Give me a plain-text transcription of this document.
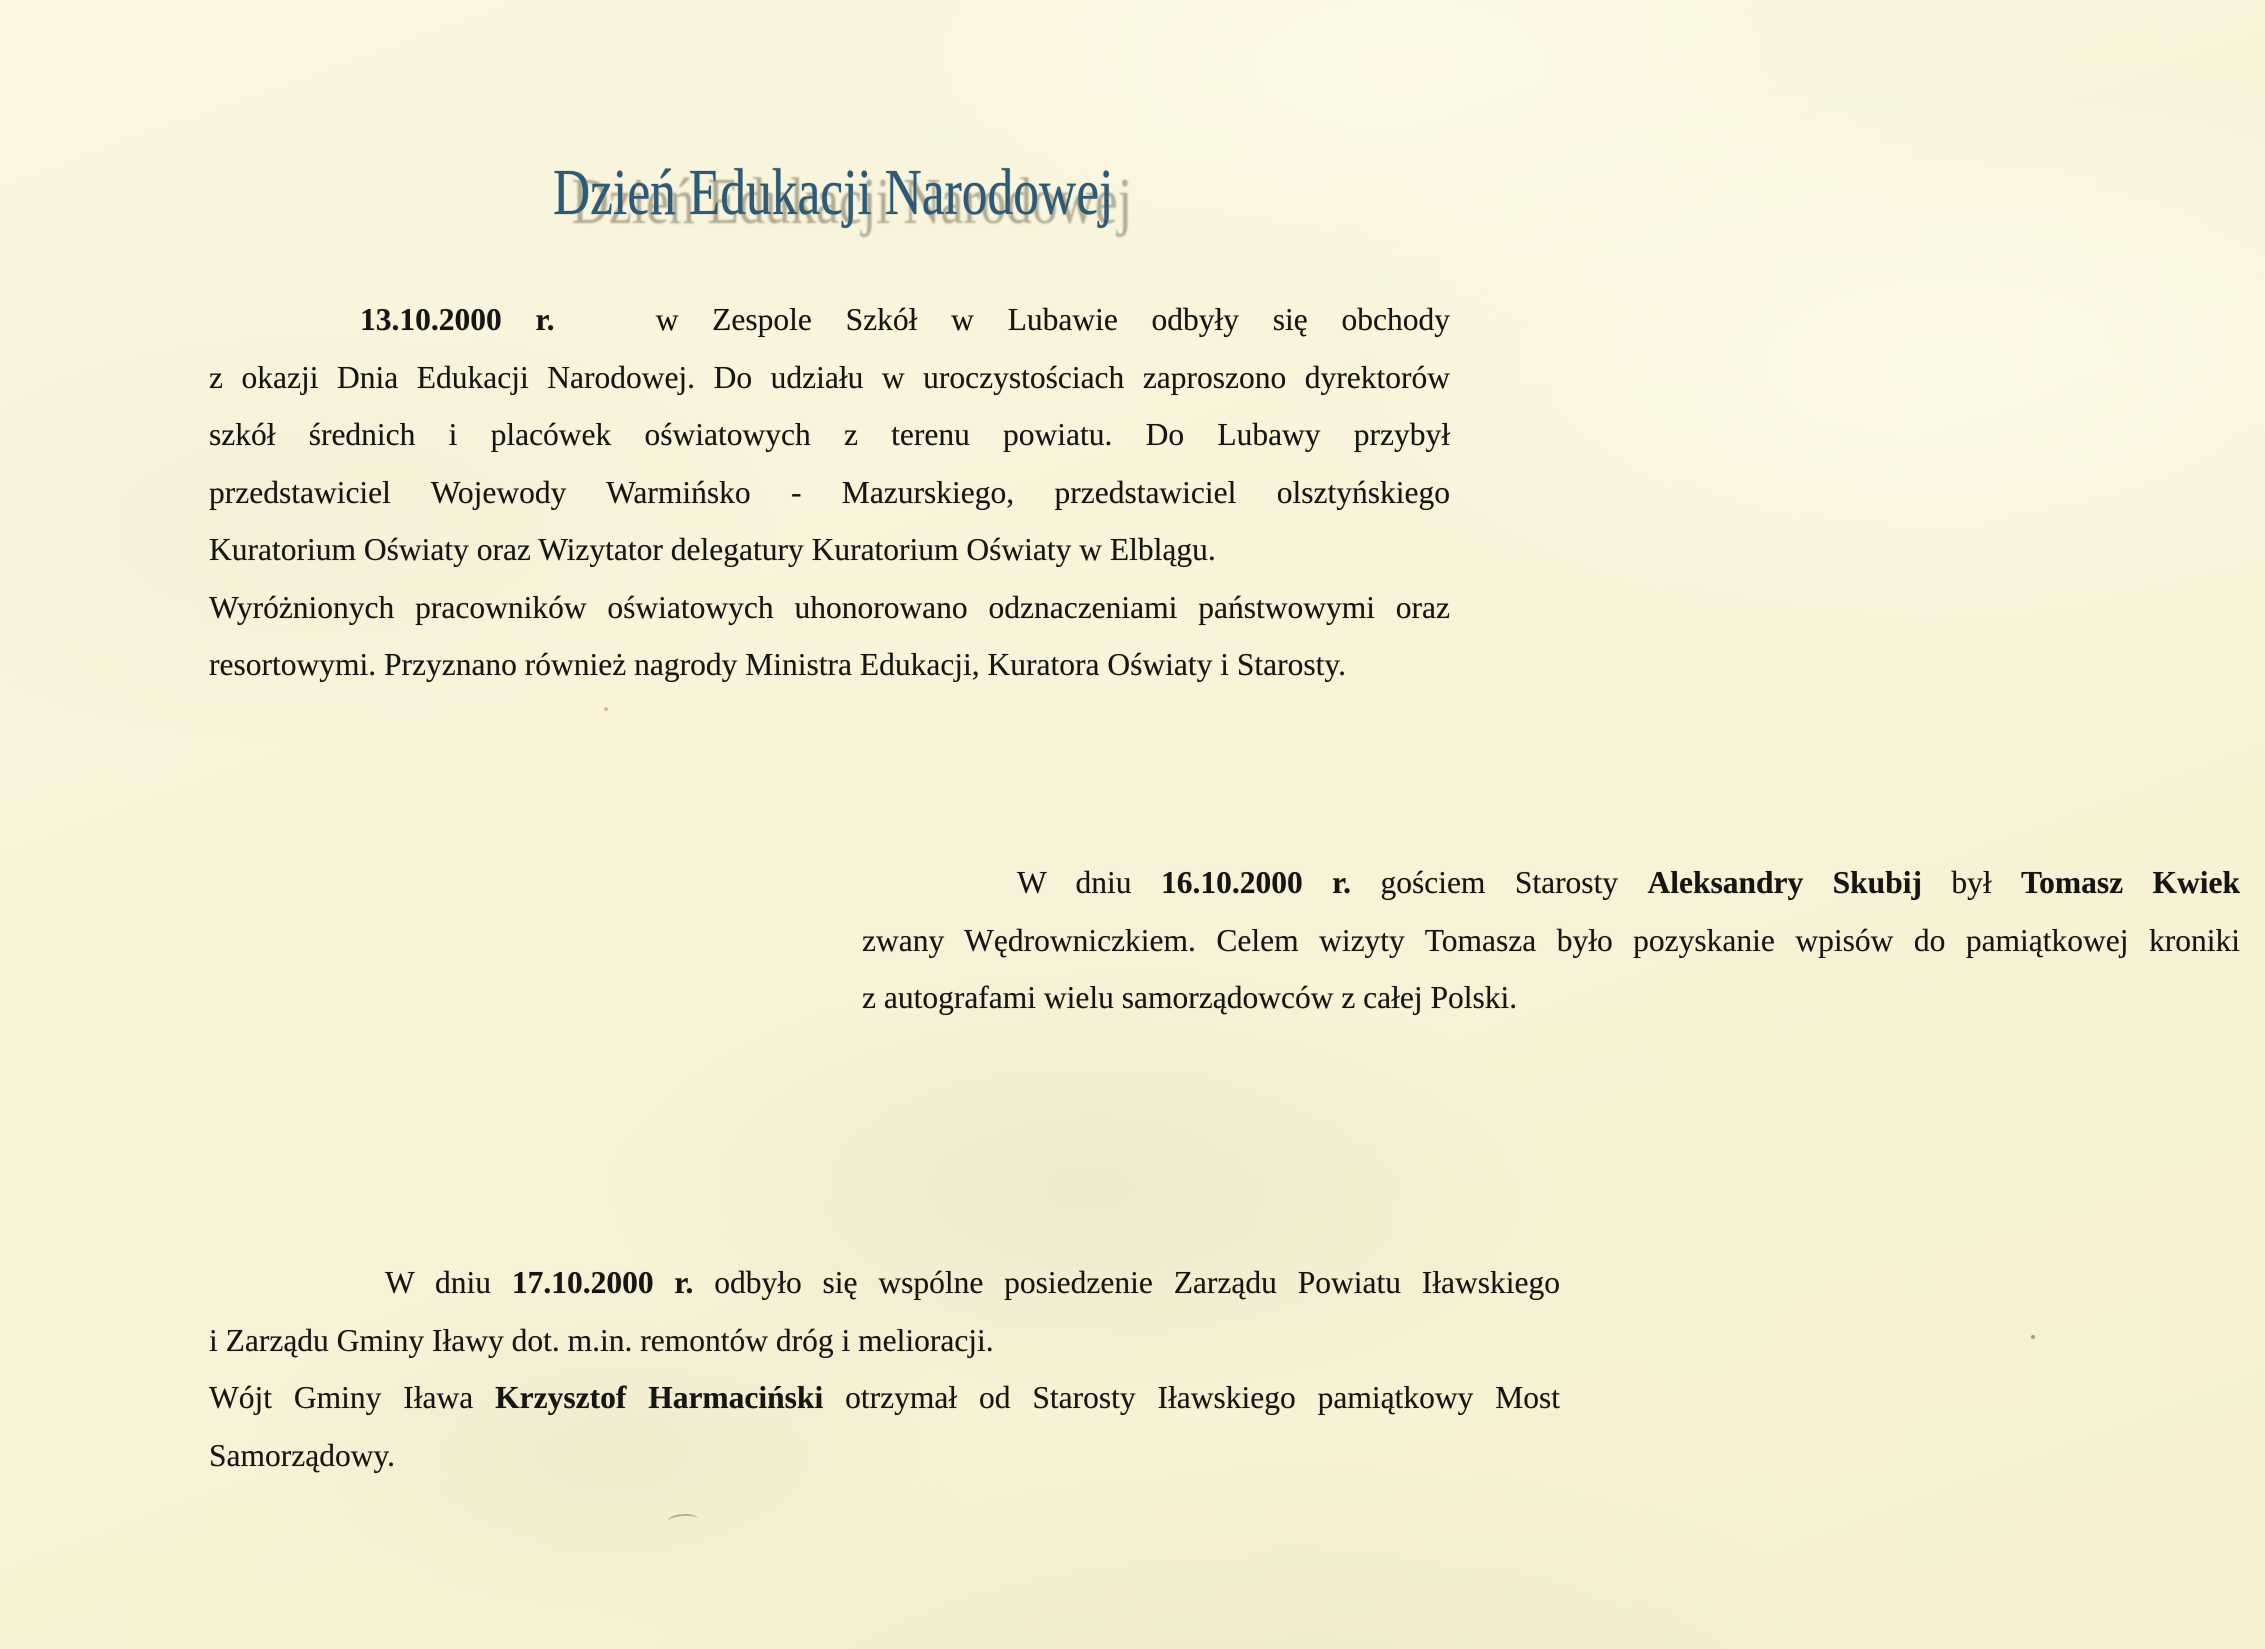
Dzień Edukacji Narodowej
13.10.2000 r.   w Zespole Szkół w Lubawie odbyły się obchody
z okazji Dnia Edukacji Narodowej. Do udziału w uroczystościach zaproszono dyrektorów
szkół średnich i placówek oświatowych z terenu powiatu. Do Lubawy przybył
przedstawiciel Wojewody Warmińsko - Mazurskiego, przedstawiciel olsztyńskiego
Kuratorium Oświaty oraz Wizytator delegatury Kuratorium Oświaty w Elblągu.
Wyróżnionych pracowników oświatowych uhonorowano odznaczeniami państwowymi oraz
resortowymi. Przyznano również nagrody Ministra Edukacji, Kuratora Oświaty i Starosty.
W dniu 16.10.2000 r. gościem Starosty Aleksandry Skubij był Tomasz Kwiek
zwany Wędrowniczkiem. Celem wizyty Tomasza było pozyskanie wpisów do pamiątkowej kroniki
z autografami wielu samorządowców z całej Polski.
W dniu 17.10.2000 r. odbyło się wspólne posiedzenie Zarządu Powiatu Iławskiego
i Zarządu Gminy Iławy dot. m.in. remontów dróg i melioracji.
Wójt Gminy Iława Krzysztof Harmaciński otrzymał od Starosty Iławskiego pamiątkowy Most
Samorządowy.
